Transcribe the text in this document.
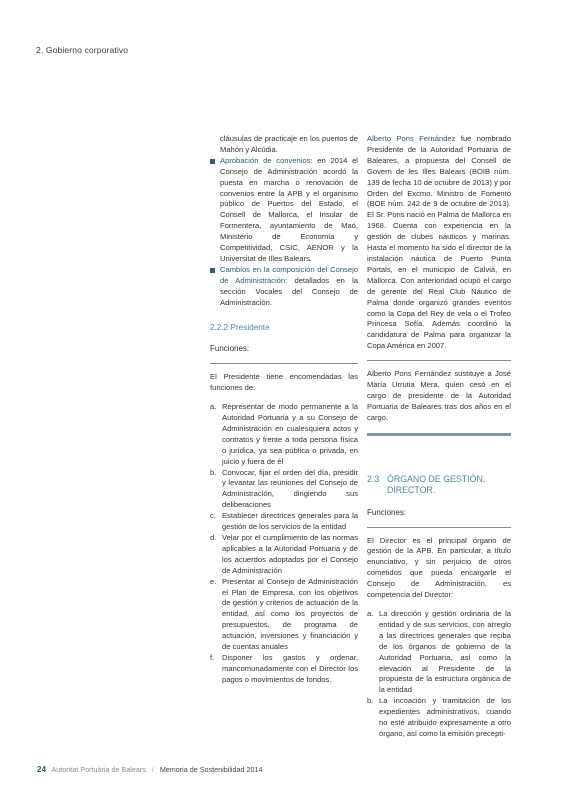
2. Gobierno corporativo
cláusulas de practicaje en los puertos de Mahón y Alcúdia.
Aprobación de convenios: en 2014 el Consejo de Administración acordó la puesta en marcha o renovación de convenios entre la APB y el organismo público de Puertos del Estado, el Consell de Mallorca, el Insular de Formentera, ayuntamiento de Maó, Ministerio de Economía y Competitividad, CSIC, AENOR y la Universitat de Illes Balears.
Cambios en la composición del Consejo de Administración: detallados en la sección Vocales del Consejo de Administración.
2.2.2 Presidente
Funciones:

El Presidente tiene encomendadas las funciones de:

a. Representar de modo permanente a la Autoridad Portuaria y a su Consejo de Administración en cualesquiera actos y contratos y frente a toda persona física o jurídica, ya sea pública o privada, en juicio y fuera de él
b. Convocar, fijar el orden del día, presidir y levantar las reuniones del Consejo de Administración, dirigiendo sus deliberaciones
c. Establecer directrices generales para la gestión de los servicios de la entidad
d. Velar por el cumplimiento de las normas aplicables a la Autoridad Portuaria y de los acuerdos adoptados por el Consejo de Administración
e. Presentar al Consejo de Administración el Plan de Empresa, con los objetivos de gestión y criterios de actuación de la entidad, así como los proyectos de presupuestos, de programa de actuación, inversiones y financiación y de cuentas anuales
f. Disponer los gastos y ordenar, mancomunadamente con el Director los pagos o movimientos de fondos.

Alberto Pons Fernández fue nombrado Presidente de la Autoridad Portuaria de Baleares, a propuesta del Consell de Govern de les Illes Balears (BOIB núm. 139 de fecha 10 de octubre de 2013) y por Orden del Excmo. Ministro de Fomento (BOE núm. 242 de 9 de octubre de 2013). El Sr. Pons nació en Palma de Mallorca en 1968. Cuenta con experiencia en la gestión de clubes náuticos y marinas. Hasta el momento ha sido el director de la instalación náutica de Puerto Punta Portals, en el municipio de Calvià, en Mallorca. Con anterioridad ocupó el cargo de gerente del Real Club Náutico de Palma donde organizó grandes eventos como la Copa del Rey de vela o el Trofeo Princesa Sofía. Además coordinó la candidatura de Palma para organizar la Copa América en 2007.

Alberto Pons Fernández sustituye a José María Urrutia Mera, quien cesó en el cargo de presidente de la Autoridad Portuaria de Baleares tras dos años en el cargo.

2.3 ÓRGANO DE GESTIÓN. DIRECTOR.
Funciones:

El Director es el principal órgano de gestión de la APB. En particular, a título enunciativo, y sin perjuicio de otros cometidos que pueda encargarle el Consejo de Administración, es competencia del Director:

a. La dirección y gestión ordinaria de la entidad y de sus servicios, con arreglo a las directrices generales que reciba de los órganos de gobierno de la Autoridad Portuaria, así como la elevación al Presidente de la propuesta de la estructura orgánica de la entidad
b. La incoación y tramitación de los expedientes administrativos, cuando no esté atribuido expresamente a otro órgano, así como la emisión precepti-
24 Autoritat Portuària de Balears / Memoria de Sostenibilidad 2014
